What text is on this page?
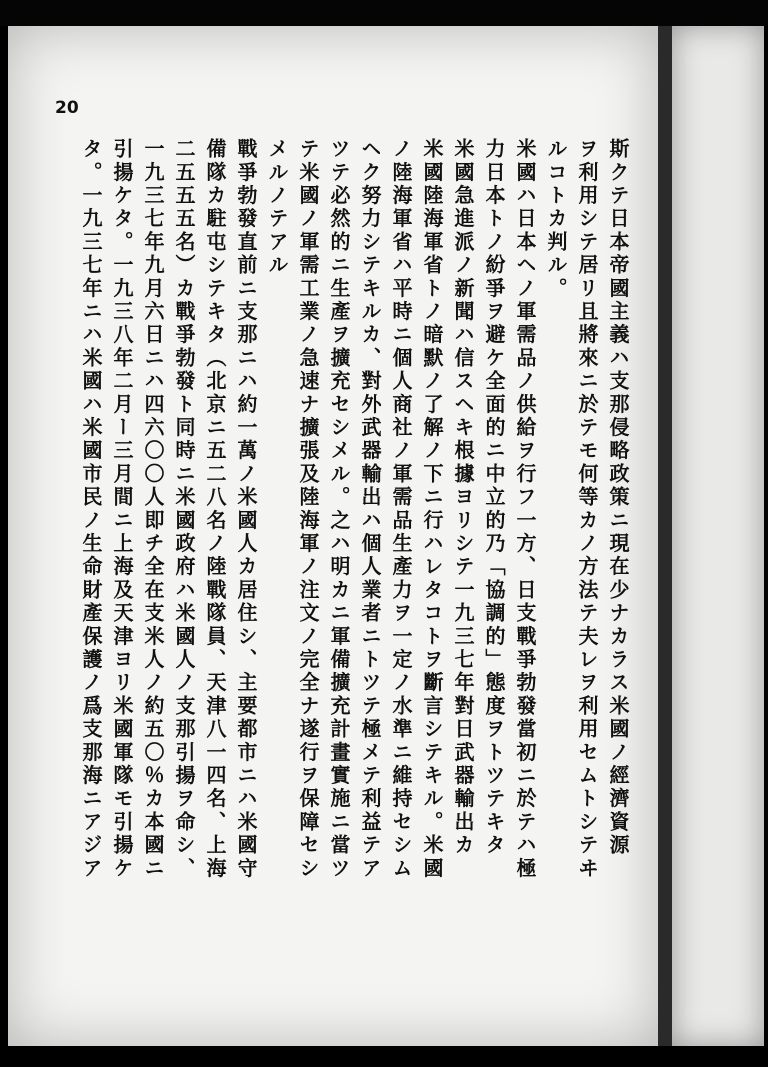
20
斯クテ日本帝國主義ハ支那侵略政策ニ現在少ナカラス米國ノ經濟資源
ヲ利用シテ居リ且將來ニ於テモ何等カノ方法テ夫レヲ利用セムトシテヰ
ルコトカ判ル。
米國ハ日本ヘノ軍需品ノ供給ヲ行フ一方、日支戰爭勃發當初ニ於テハ極
力日本トノ紛爭ヲ避ケ全面的ニ中立的乃「協調的」態度ヲトツテキタ
米國急進派ノ新聞ハ信スヘキ根據ヨリシテ一九三七年對日武器輸出カ
米國陸海軍省トノ暗默ノ了解ノ下ニ行ハレタコトヲ斷言シテキル。米國
ノ陸海軍省ハ平時ニ個人商社ノ軍需品生產力ヲ一定ノ水準ニ維持セシム
ヘク努力シテキルカ、對外武器輸出ハ個人業者ニトツテ極メテ利益テア
ツテ必然的ニ生產ヲ擴充セシメル。之ハ明カニ軍備擴充計畫實施ニ當ツ
テ米國ノ軍需工業ノ急速ナ擴張及陸海軍ノ注文ノ完全ナ遂行ヲ保障セシ
メルノテアル
戰爭勃發直前ニ支那ニハ約一萬ノ米國人カ居住シ、主要都市ニハ米國守
備隊カ駐屯シテキタ（北京ニ五二八名ノ陸戰隊員、天津八一四名、上海
二五五五名）カ戰爭勃發ト同時ニ米國政府ハ米國人ノ支那引揚ヲ命シ、
一九三七年九月六日ニハ四六〇〇人即チ全在支米人ノ約五〇％カ本國ニ
引揚ケタ。一九三八年二月ー三月間ニ上海及天津ヨリ米國軍隊モ引揚ケ
タ。一九三七年ニハ米國ハ米國市民ノ生命財產保護ノ爲支那海ニアジア
